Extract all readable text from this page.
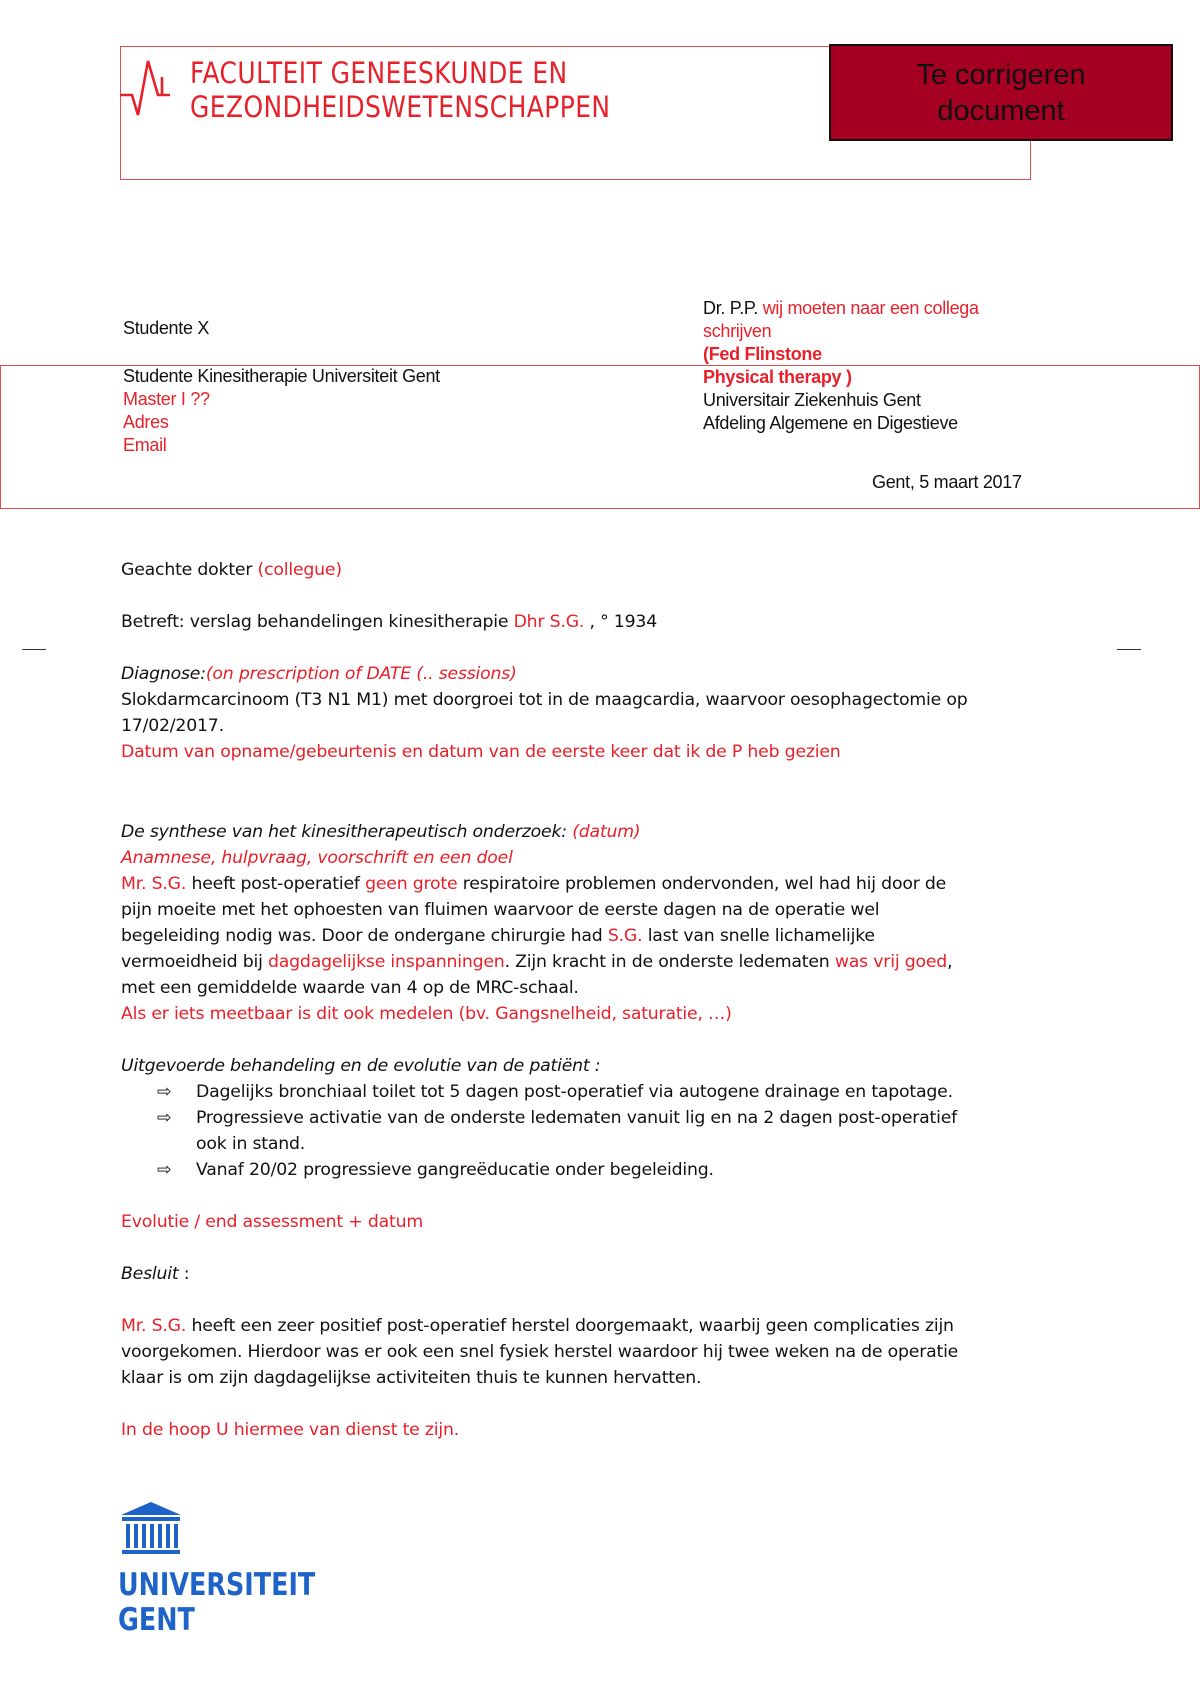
FACULTEIT GENEESKUNDE EN
GEZONDHEIDSWETENSCHAPPEN
Te corrigeren
document
Studente X
Dr. P.P. wij moeten naar een collega
schrijven
(Fed Flinstone
Physical therapy )
Universitair Ziekenhuis Gent
Afdeling Algemene en Digestieve
Studente Kinesitherapie Universiteit Gent
Master I ??
Adres
Email
Gent, 5 maart 2017
Geachte dokter (collegue)
Betreft: verslag behandelingen kinesitherapie Dhr S.G. , ° 1934
Diagnose:(on prescription of DATE (.. sessions)
Slokdarmcarcinoom (T3 N1 M1) met doorgroei tot in de maagcardia, waarvoor oesophagectomie op
17/02/2017.
Datum van opname/gebeurtenis en datum van de eerste keer dat ik de P heb gezien
De synthese van het kinesitherapeutisch onderzoek: (datum)
Anamnese, hulpvraag, voorschrift en een doel
Mr. S.G. heeft post-operatief geen grote respiratoire problemen ondervonden, wel had hij door de
pijn moeite met het ophoesten van fluimen waarvoor de eerste dagen na de operatie wel
begeleiding nodig was. Door de ondergane chirurgie had S.G. last van snelle lichamelijke
vermoeidheid bij dagdagelijkse inspanningen. Zijn kracht in de onderste ledematen was vrij goed,
met een gemiddelde waarde van 4 op de MRC-schaal.
Als er iets meetbaar is dit ook medelen (bv. Gangsnelheid, saturatie, …)
Uitgevoerde behandeling en de evolutie van de patiënt :
⇨	Dagelijks bronchiaal toilet tot 5 dagen post-operatief via autogene drainage en tapotage.
⇨	Progressieve activatie van de onderste ledematen vanuit lig en na 2 dagen post-operatief
ook in stand.
⇨	Vanaf 20/02 progressieve gangreëducatie onder begeleiding.
Evolutie / end assessment + datum
Besluit :
Mr. S.G. heeft een zeer positief post-operatief herstel doorgemaakt, waarbij geen complicaties zijn
voorgekomen. Hierdoor was er ook een snel fysiek herstel waardoor hij twee weken na de operatie
klaar is om zijn dagdagelijkse activiteiten thuis te kunnen hervatten.
In de hoop U hiermee van dienst te zijn.
UNIVERSITEIT
GENT
